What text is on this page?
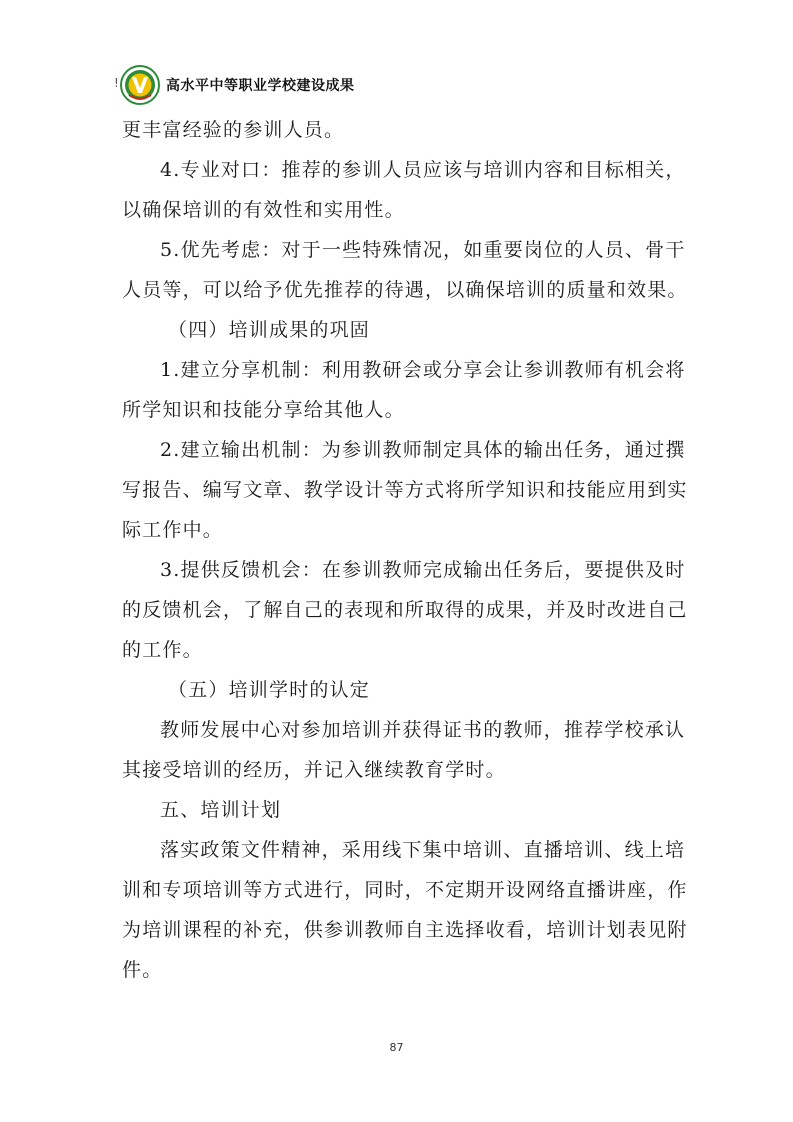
!	高水平中等职业学校建设成果
更丰富经验的参训人员。
4.专业对口：推荐的参训人员应该与培训内容和目标相关，
以确保培训的有效性和实用性。
5.优先考虑：对于一些特殊情况，如重要岗位的人员、骨干
人员等，可以给予优先推荐的待遇，以确保培训的质量和效果。
（四）培训成果的巩固
1.建立分享机制：利用教研会或分享会让参训教师有机会将
所学知识和技能分享给其他人。
2.建立输出机制：为参训教师制定具体的输出任务，通过撰
写报告、编写文章、教学设计等方式将所学知识和技能应用到实
际工作中。
3.提供反馈机会：在参训教师完成输出任务后，要提供及时
的反馈机会，了解自己的表现和所取得的成果，并及时改进自己
的工作。
（五）培训学时的认定
教师发展中心对参加培训并获得证书的教师，推荐学校承认
其接受培训的经历，并记入继续教育学时。
五、培训计划
落实政策文件精神，采用线下集中培训、直播培训、线上培
训和专项培训等方式进行，同时，不定期开设网络直播讲座，作
为培训课程的补充，供参训教师自主选择收看，培训计划表见附
件。
87
